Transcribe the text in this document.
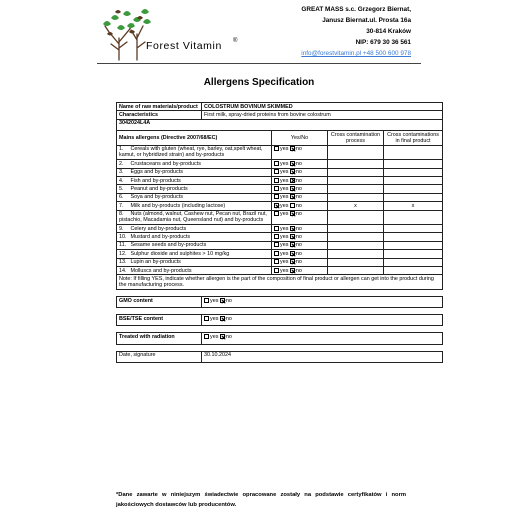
Forest Vitamin ®
GREAT MASS s.c. Grzegorz Biernat,
Janusz Biernat.ul. Prosta 16a
30-814 Kraków
NIP: 679 30 36 561
info@forestvitamin.pl +48 500 600 978
Allergens Specification
Name of raw materials/product	COLOSTRUM BOVINUM SKIMMED			
Characteristics	First milk, spray-dried proteins from bovine colostrum			
3042024L4A				
Mains allergens (Directive 2007/68/EC)		Yes/No	Cross contamination process	Cross contaminations in final product
1. Cereals with gluten (wheat, rye, barley, oat,spelt wheat, kamut, or hybridized strain) and by-products		yes no		
2. Crustaceans and by-products		yes no		
3. Eggs and by-products		yes no		
4. Fish and by-products		yes no		
5. Peanut and by-products		yes no		
6. Soya and by-products		yes no		
7. Milk and by-products (including lactose)		yes no	x	x
8. Nuts (almond, walnut, Cashew nut, Pecan nut, Brazil nut, pistachio, Macadamia nut, Queensland nut) and by-products		yes no		
9. Celery and by-products		yes no		
10. Mustard and by-products		yes no		
11. Sesame seeds and by-products		yes no		
12. Sulphur dioxide and sulphites > 10 mg/kg		yes no		
13. Lupin an by-products		yes no		
14. Molluscs and by-products		yes no		
Note: If filling YES, indicate whether allergen is the part of the composition of final product or allergen can get into the product during the manufacturing process.				

GMO content	yes no			

BSE/TSE content	yes no			

Treated with radiation	yes no			

Date, signature	30.10.2024			
*Dane zawarte w niniejszym świadectwie opracowane zostały na podstawie certyfikatów i norm jakościowych dostawców lub producentów.
